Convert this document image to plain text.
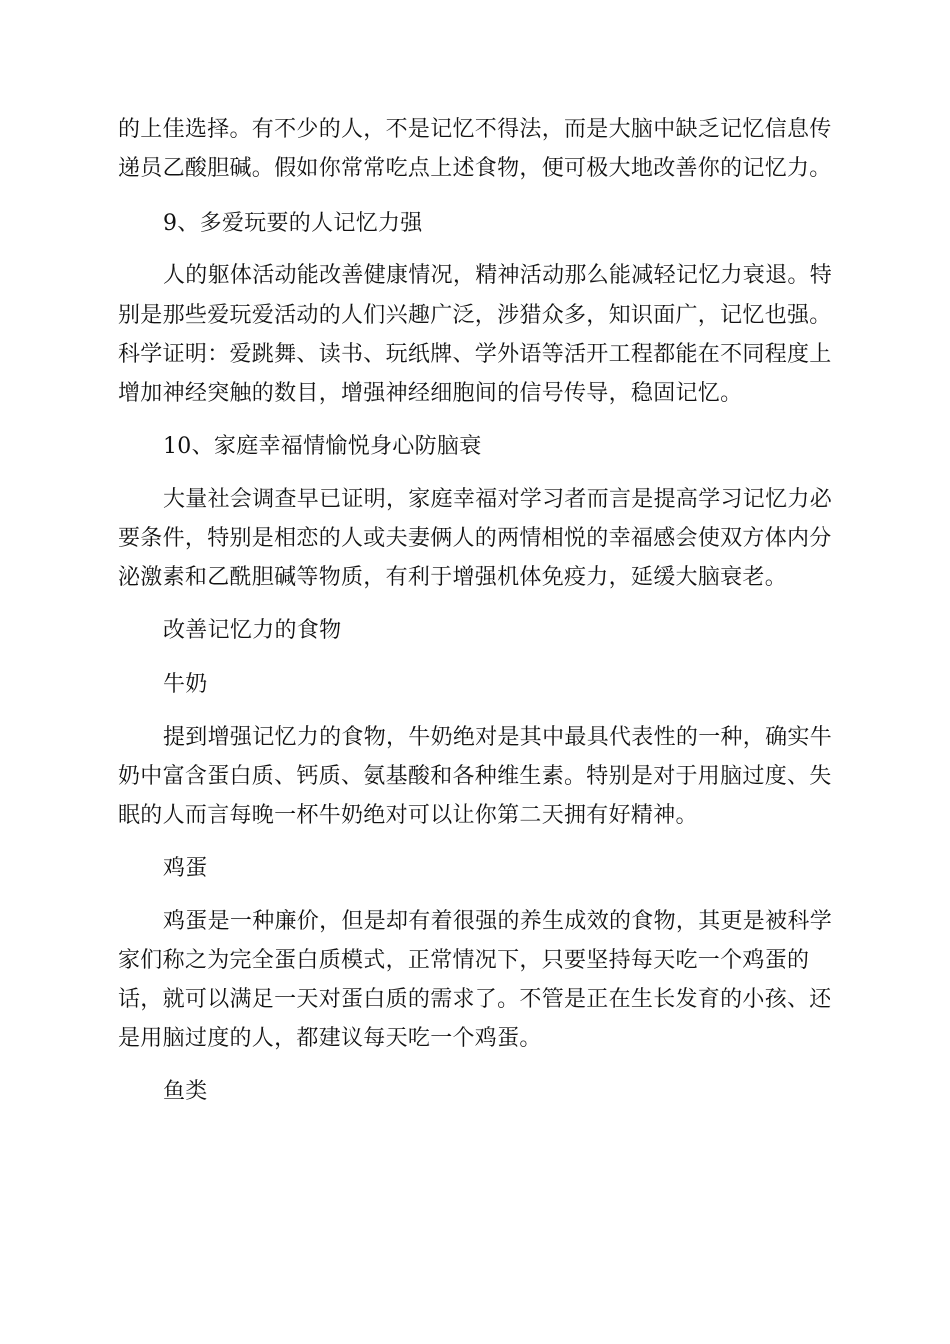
的上佳选择。有不少的人，不是记忆不得法，而是大脑中缺乏记忆信息传
递员乙酸胆碱。假如你常常吃点上述食物，便可极大地改善你的记忆力。
9、多爱玩要的人记忆力强
人的躯体活动能改善健康情况，精神活动那么能减轻记忆力衰退。特
别是那些爱玩爱活动的人们兴趣广泛，涉猎众多，知识面广，记忆也强。
科学证明：爱跳舞、读书、玩纸牌、学外语等活开工程都能在不同程度上
增加神经突触的数目，增强神经细胞间的信号传导，稳固记忆。
10、家庭幸福情愉悦身心防脑衰
大量社会调查早已证明，家庭幸福对学习者而言是提高学习记忆力必
要条件，特别是相恋的人或夫妻俩人的两情相悦的幸福感会使双方体内分
泌激素和乙酰胆碱等物质，有利于增强机体免疫力，延缓大脑衰老。
改善记忆力的食物
牛奶
提到增强记忆力的食物，牛奶绝对是其中最具代表性的一种，确实牛
奶中富含蛋白质、钙质、氨基酸和各种维生素。特别是对于用脑过度、失
眠的人而言每晚一杯牛奶绝对可以让你第二天拥有好精神。
鸡蛋
鸡蛋是一种廉价，但是却有着很强的养生成效的食物，其更是被科学
家们称之为完全蛋白质模式，正常情况下，只要坚持每天吃一个鸡蛋的
话，就可以满足一天对蛋白质的需求了。不管是正在生长发育的小孩、还
是用脑过度的人，都建议每天吃一个鸡蛋。
鱼类
